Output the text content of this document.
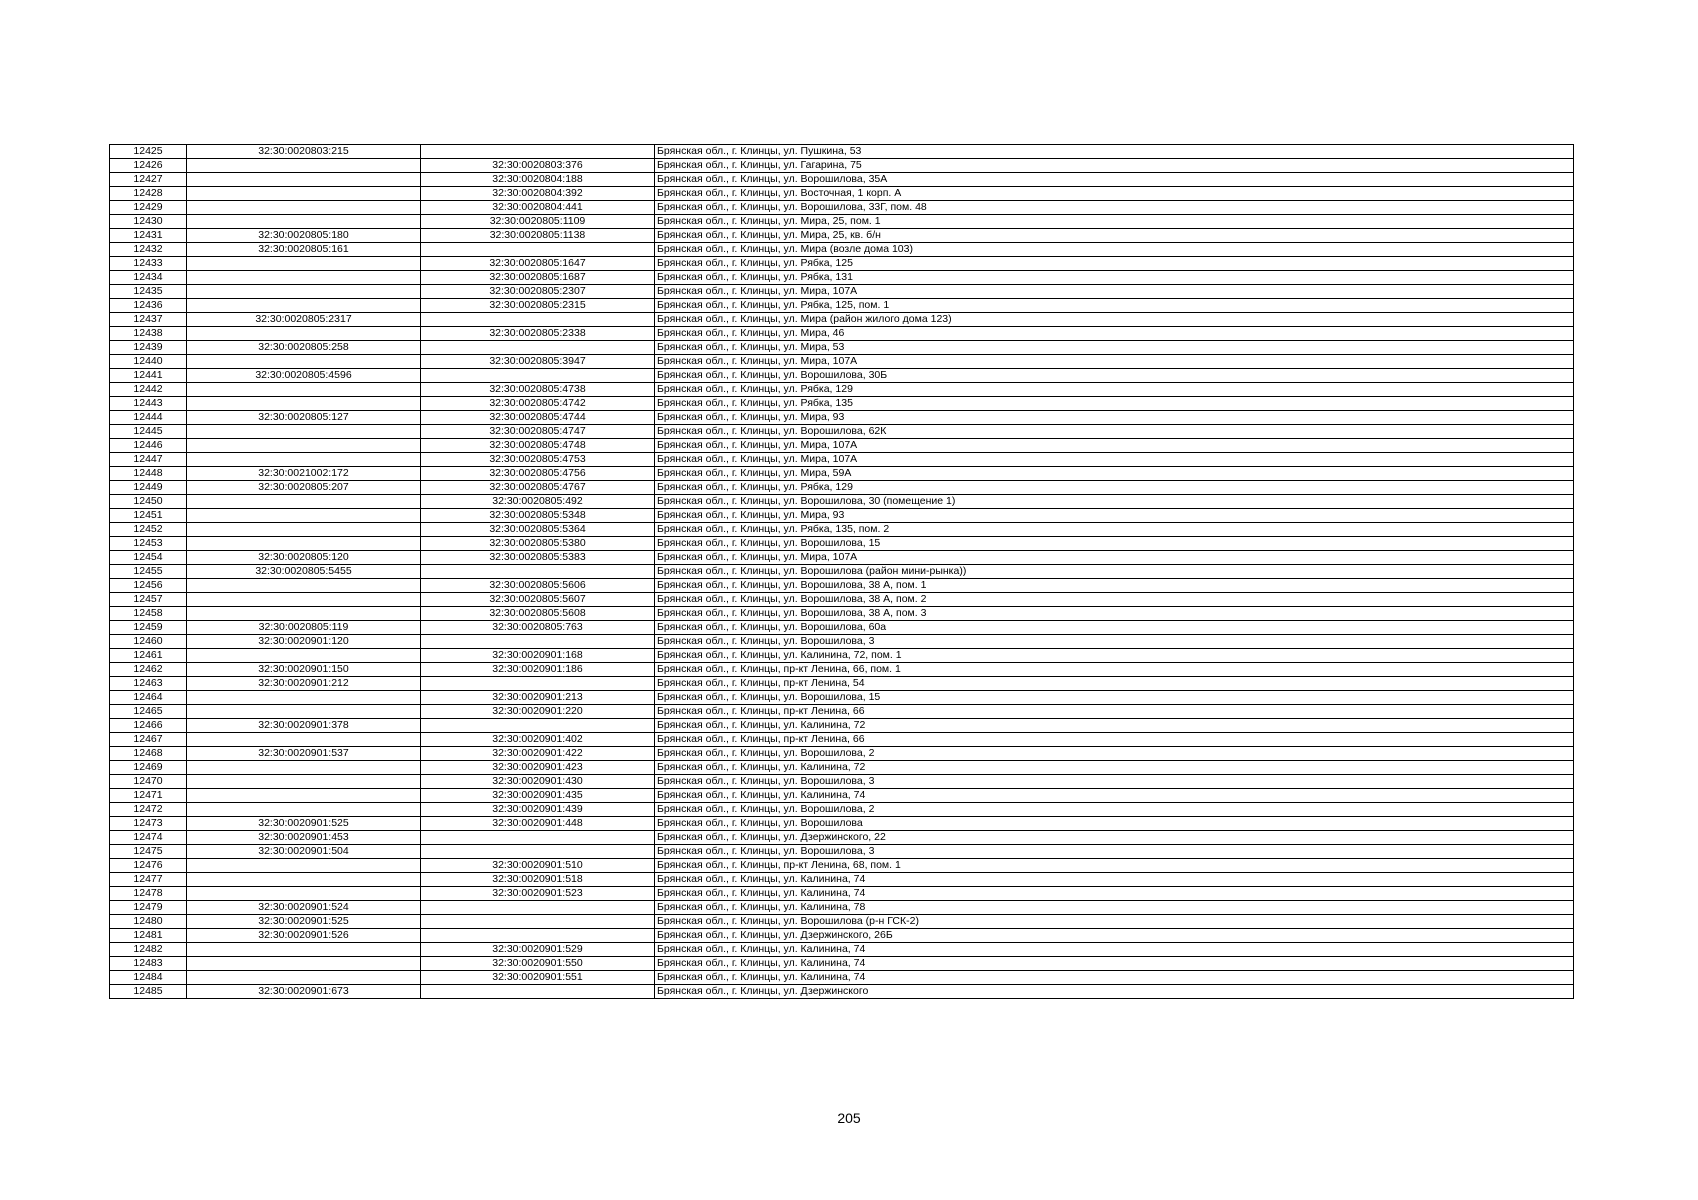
12425	32:30:0020803:215		Брянская обл., г. Клинцы, ул. Пушкина, 53
12426		32:30:0020803:376	Брянская обл., г. Клинцы, ул. Гагарина, 75
12427		32:30:0020804:188	Брянская обл., г. Клинцы, ул. Ворошилова, 35А
12428		32:30:0020804:392	Брянская обл., г. Клинцы, ул. Восточная, 1 корп. А
12429		32:30:0020804:441	Брянская обл., г. Клинцы, ул. Ворошилова, 33Г, пом. 48
12430		32:30:0020805:1109	Брянская обл., г. Клинцы, ул. Мира, 25, пом. 1
12431	32:30:0020805:180	32:30:0020805:1138	Брянская обл., г. Клинцы, ул. Мира, 25, кв. б/н
12432	32:30:0020805:161		Брянская обл., г. Клинцы, ул. Мира (возле дома 103)
12433		32:30:0020805:1647	Брянская обл., г. Клинцы, ул. Рябка, 125
12434		32:30:0020805:1687	Брянская обл., г. Клинцы, ул. Рябка, 131
12435		32:30:0020805:2307	Брянская обл., г. Клинцы, ул. Мира, 107А
12436		32:30:0020805:2315	Брянская обл., г. Клинцы, ул. Рябка, 125, пом. 1
12437	32:30:0020805:2317		Брянская обл., г. Клинцы, ул. Мира (район жилого дома 123)
12438		32:30:0020805:2338	Брянская обл., г. Клинцы, ул. Мира, 46
12439	32:30:0020805:258		Брянская обл., г. Клинцы, ул. Мира, 53
12440		32:30:0020805:3947	Брянская обл., г. Клинцы, ул. Мира, 107А
12441	32:30:0020805:4596		Брянская обл., г. Клинцы, ул. Ворошилова, 30Б
12442		32:30:0020805:4738	Брянская обл., г. Клинцы, ул. Рябка, 129
12443		32:30:0020805:4742	Брянская обл., г. Клинцы, ул. Рябка, 135
12444	32:30:0020805:127	32:30:0020805:4744	Брянская обл., г. Клинцы, ул. Мира, 93
12445		32:30:0020805:4747	Брянская обл., г. Клинцы, ул. Ворошилова, 62К
12446		32:30:0020805:4748	Брянская обл., г. Клинцы, ул. Мира, 107А
12447		32:30:0020805:4753	Брянская обл., г. Клинцы, ул. Мира, 107А
12448	32:30:0021002:172	32:30:0020805:4756	Брянская обл., г. Клинцы, ул. Мира, 59А
12449	32:30:0020805:207	32:30:0020805:4767	Брянская обл., г. Клинцы, ул. Рябка, 129
12450		32:30:0020805:492	Брянская обл., г. Клинцы, ул. Ворошилова, 30 (помещение 1)
12451		32:30:0020805:5348	Брянская обл., г. Клинцы, ул. Мира, 93
12452		32:30:0020805:5364	Брянская обл., г. Клинцы, ул. Рябка, 135, пом. 2
12453		32:30:0020805:5380	Брянская обл., г. Клинцы, ул. Ворошилова, 15
12454	32:30:0020805:120	32:30:0020805:5383	Брянская обл., г. Клинцы, ул. Мира, 107А
12455	32:30:0020805:5455		Брянская обл., г. Клинцы, ул. Ворошилова (район мини-рынка))
12456		32:30:0020805:5606	Брянская обл., г. Клинцы, ул. Ворошилова, 38 А, пом. 1
12457		32:30:0020805:5607	Брянская обл., г. Клинцы, ул. Ворошилова, 38 А, пом. 2
12458		32:30:0020805:5608	Брянская обл., г. Клинцы, ул. Ворошилова, 38 А, пом. 3
12459	32:30:0020805:119	32:30:0020805:763	Брянская обл., г. Клинцы, ул. Ворошилова, 60а
12460	32:30:0020901:120		Брянская обл., г. Клинцы, ул. Ворошилова, 3
12461		32:30:0020901:168	Брянская обл., г. Клинцы, ул. Калинина, 72, пом. 1
12462	32:30:0020901:150	32:30:0020901:186	Брянская обл., г. Клинцы, пр-кт Ленина, 66, пом. 1
12463	32:30:0020901:212		Брянская обл., г. Клинцы, пр-кт Ленина, 54
12464		32:30:0020901:213	Брянская обл., г. Клинцы, ул. Ворошилова, 15
12465		32:30:0020901:220	Брянская обл., г. Клинцы, пр-кт Ленина, 66
12466	32:30:0020901:378		Брянская обл., г. Клинцы, ул. Калинина, 72
12467		32:30:0020901:402	Брянская обл., г. Клинцы, пр-кт Ленина, 66
12468	32:30:0020901:537	32:30:0020901:422	Брянская обл., г. Клинцы, ул. Ворошилова, 2
12469		32:30:0020901:423	Брянская обл., г. Клинцы, ул. Калинина, 72
12470		32:30:0020901:430	Брянская обл., г. Клинцы, ул. Ворошилова, 3
12471		32:30:0020901:435	Брянская обл., г. Клинцы, ул. Калинина, 74
12472		32:30:0020901:439	Брянская обл., г. Клинцы, ул. Ворошилова, 2
12473	32:30:0020901:525	32:30:0020901:448	Брянская обл., г. Клинцы, ул. Ворошилова
12474	32:30:0020901:453		Брянская обл., г. Клинцы, ул. Дзержинского, 22
12475	32:30:0020901:504		Брянская обл., г. Клинцы, ул. Ворошилова, 3
12476		32:30:0020901:510	Брянская обл., г. Клинцы, пр-кт Ленина, 68, пом. 1
12477		32:30:0020901:518	Брянская обл., г. Клинцы, ул. Калинина, 74
12478		32:30:0020901:523	Брянская обл., г. Клинцы, ул. Калинина, 74
12479	32:30:0020901:524		Брянская обл., г. Клинцы, ул. Калинина, 78
12480	32:30:0020901:525		Брянская обл., г. Клинцы, ул. Ворошилова (р-н ГСК-2)
12481	32:30:0020901:526		Брянская обл., г. Клинцы, ул. Дзержинского, 26Б
12482		32:30:0020901:529	Брянская обл., г. Клинцы, ул. Калинина, 74
12483		32:30:0020901:550	Брянская обл., г. Клинцы, ул. Калинина, 74
12484		32:30:0020901:551	Брянская обл., г. Клинцы, ул. Калинина, 74
12485	32:30:0020901:673		Брянская обл., г. Клинцы, ул. Дзержинского
205
